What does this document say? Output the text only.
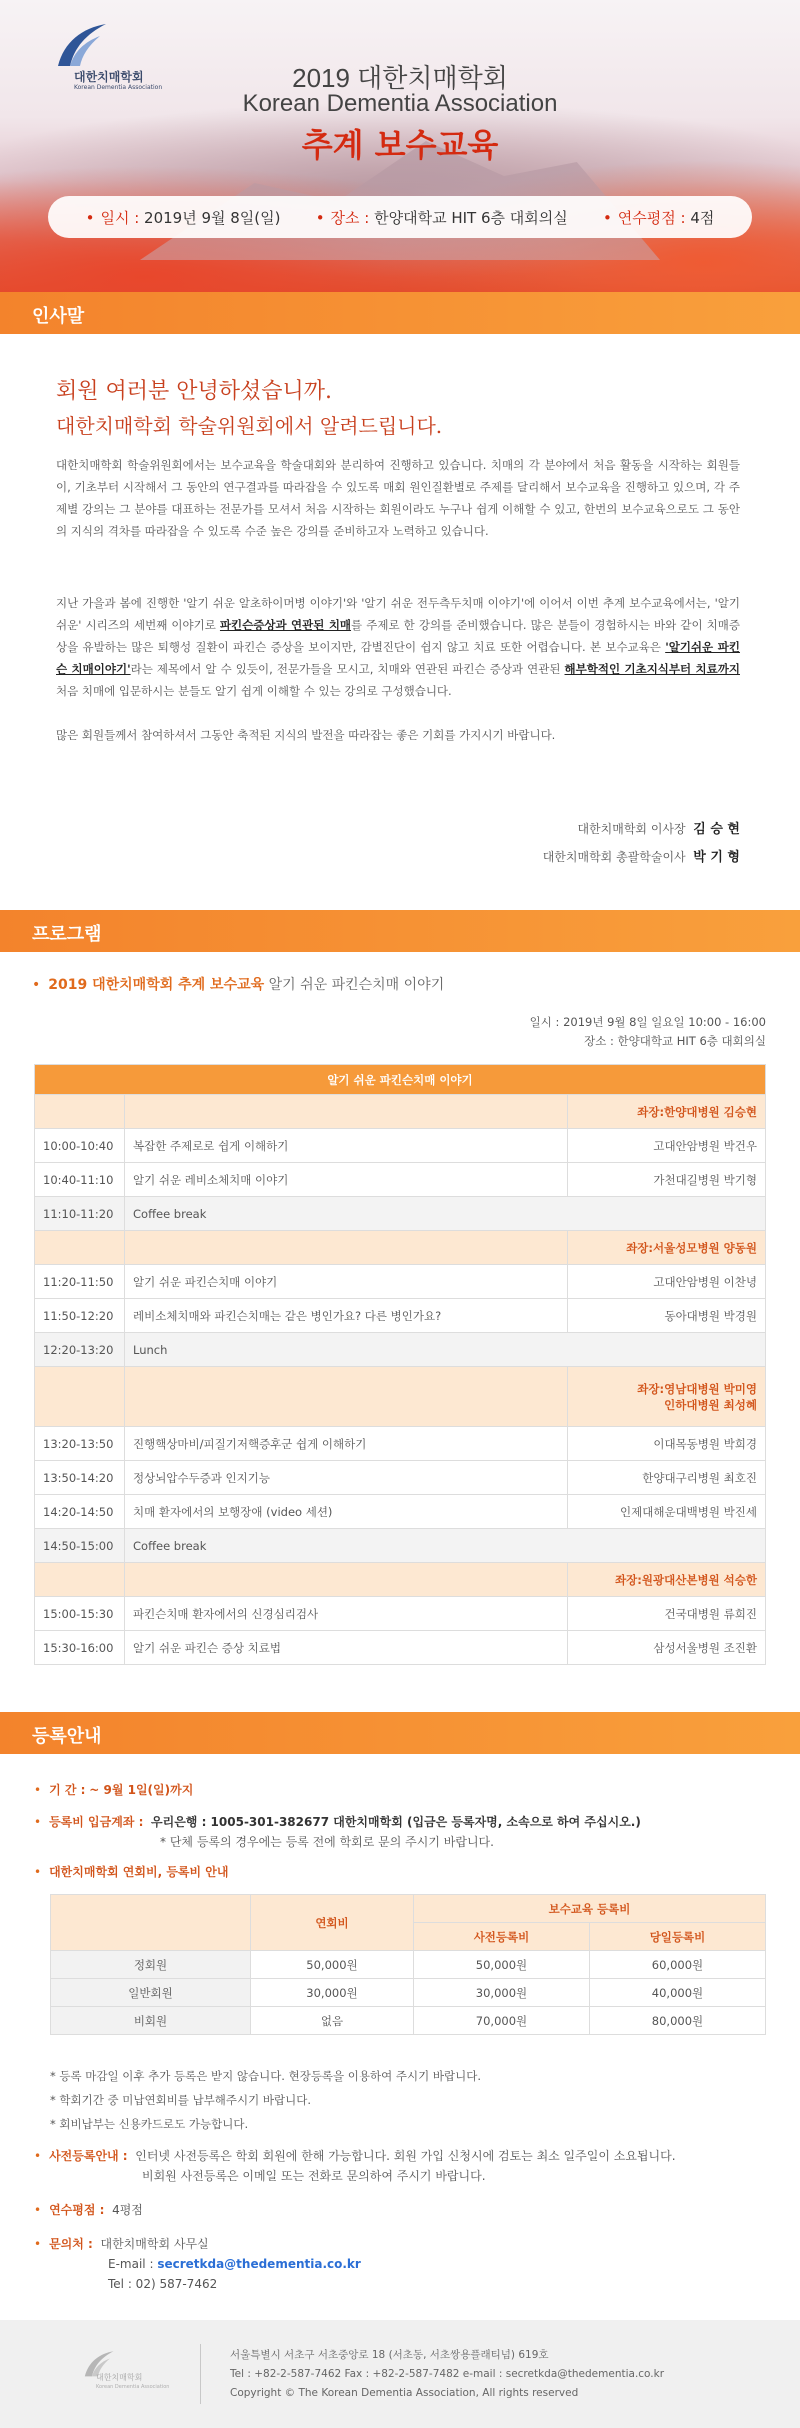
대한치매학회
Korean Dementia Association	2019 대한치매학회
Korean Dementia Association
추계 보수교육
• 일시 : 2019년 9월 8일(일) • 장소 : 한양대학교 HIT 6층 대회의실 • 연수평점 : 4점
인사말
회원 여러분 안녕하셨습니까.
대한치매학회 학술위원회에서 알려드립니다.
대한치매학회 학술위원회에서는 보수교육을 학술대회와 분리하여 진행하고 있습니다. 치매의 각 분야에서 처음 활동을 시작하는 회원들이, 기초부터 시작해서 그 동안의 연구결과를 따라잡을 수 있도록 매회 원인질환별로 주제를 달리해서 보수교육을 진행하고 있으며, 각 주제별 강의는 그 분야를 대표하는 전문가를 모셔서 처음 시작하는 회원이라도 누구나 쉽게 이해할 수 있고, 한번의 보수교육으로도 그 동안의 지식의 격차를 따라잡을 수 있도록 수준 높은 강의를 준비하고자 노력하고 있습니다.
지난 가을과 봄에 진행한 '알기 쉬운 알초하이머병 이야기'와 '알기 쉬운 전두측두치매 이야기'에 이어서 이번 추계 보수교육에서는, '알기 쉬운' 시리즈의 세번째 이야기로 파킨슨증상과 연관된 치매를 주제로 한 강의를 준비했습니다. 많은 분들이 경험하시는 바와 같이 치매증상을 유발하는 많은 퇴행성 질환이 파킨슨 증상을 보이지만, 감별진단이 쉽지 않고 치료 또한 어렵습니다. 본 보수교육은 '알기쉬운 파킨슨 치매이야기'라는 제목에서 알 수 있듯이, 전문가들을 모시고, 치매와 연관된 파킨슨 증상과 연관된 해부학적인 기초지식부터 치료까지 처음 치매에 입문하시는 분들도 알기 쉽게 이해할 수 있는 강의로 구성했습니다.
많은 회원들께서 참여하셔서 그동안 축적된 지식의 발전을 따라잡는 좋은 기회를 가지시기 바랍니다.
대한치매학회 이사장 김 승 현
대한치매학회 총괄학술이사 박 기 형
프로그램
• 2019 대한치매학회 추계 보수교육 알기 쉬운 파킨슨치매 이야기
일시 : 2019년 9월 8일 일요일 10:00 - 16:00
장소 : 한양대학교 HIT 6층 대회의실
알기 쉬운 파킨슨치매 이야기		

		좌장:한양대병원 김승현

10:00-10:40	복잡한 주제로로 쉽게 이해하기	고대안암병원 박건우
10:40-11:10	알기 쉬운 레비소체치매 이야기	가천대길병원 박기형
11:10-11:20	Coffee break	

		좌장:서울성모병원 양동원

11:20-11:50	알기 쉬운 파킨슨치매 이야기	고대안암병원 이찬녕
11:50-12:20	레비소체치매와 파킨슨치매는 같은 병인가요? 다른 병인가요?	동아대병원 박경원
12:20-13:20	Lunch	

		좌장:영남대병원 박미영
인하대병원 최성혜

13:20-13:50	진행핵상마비/피질기저핵증후군 쉽게 이해하기	이대목동병원 박희경
13:50-14:20	정상뇌압수두증과 인지기능	한양대구리병원 최호진
14:20-14:50	치매 환자에서의 보행장애 (video 세션)	인제대해운대백병원 박진세
14:50-15:00	Coffee break	

		좌장:원광대산본병원 석승한

15:00-15:30	파킨슨치매 환자에서의 신경심리검사	건국대병원 류희진
15:30-16:00	알기 쉬운 파킨슨 증상 치료법	삼성서울병원 조진환
등록안내
• 기 간 : ~ 9월 1일(일)까지
• 등록비 입금계좌 : 우리은행 : 1005-301-382677 대한치매학회 (입금은 등록자명, 소속으로 하여 주십시오.)
* 단체 등록의 경우에는 등록 전에 학회로 문의 주시기 바랍니다.
• 대한치매학회 연회비, 등록비 안내
	연회비	보수교육 등록비	
		사전등록비	당일등록비
정회원	50,000원	50,000원	60,000원
일반회원	30,000원	30,000원	40,000원
비회원	없음	70,000원	80,000원
* 등록 마감일 이후 추가 등록은 받지 않습니다. 현장등록을 이용하여 주시기 바랍니다.
* 학회기간 중 미납연회비를 납부해주시기 바랍니다.
* 회비납부는 신용카드로도 가능합니다.
• 사전등록안내 : 인터넷 사전등록은 학회 회원에 한해 가능합니다. 회원 가입 신청시에 검토는 최소 일주일이 소요됩니다.
비회원 사전등록은 이메일 또는 전화로 문의하여 주시기 바랍니다.
• 연수평점 : 4평점
• 문의처 : 대한치매학회 사무실
E-mail : secretkda@thedementia.co.kr
Tel : 02) 587-7462
대한치매학회
Korean Dementia Association
서울특별시 서초구 서초중앙로 18 (서초동, 서초쌍용플래티넘) 619호
Tel : +82-2-587-7462 Fax : +82-2-587-7482 e-mail : secretkda@thedementia.co.kr
Copyright © The Korean Dementia Association, All rights reserved
